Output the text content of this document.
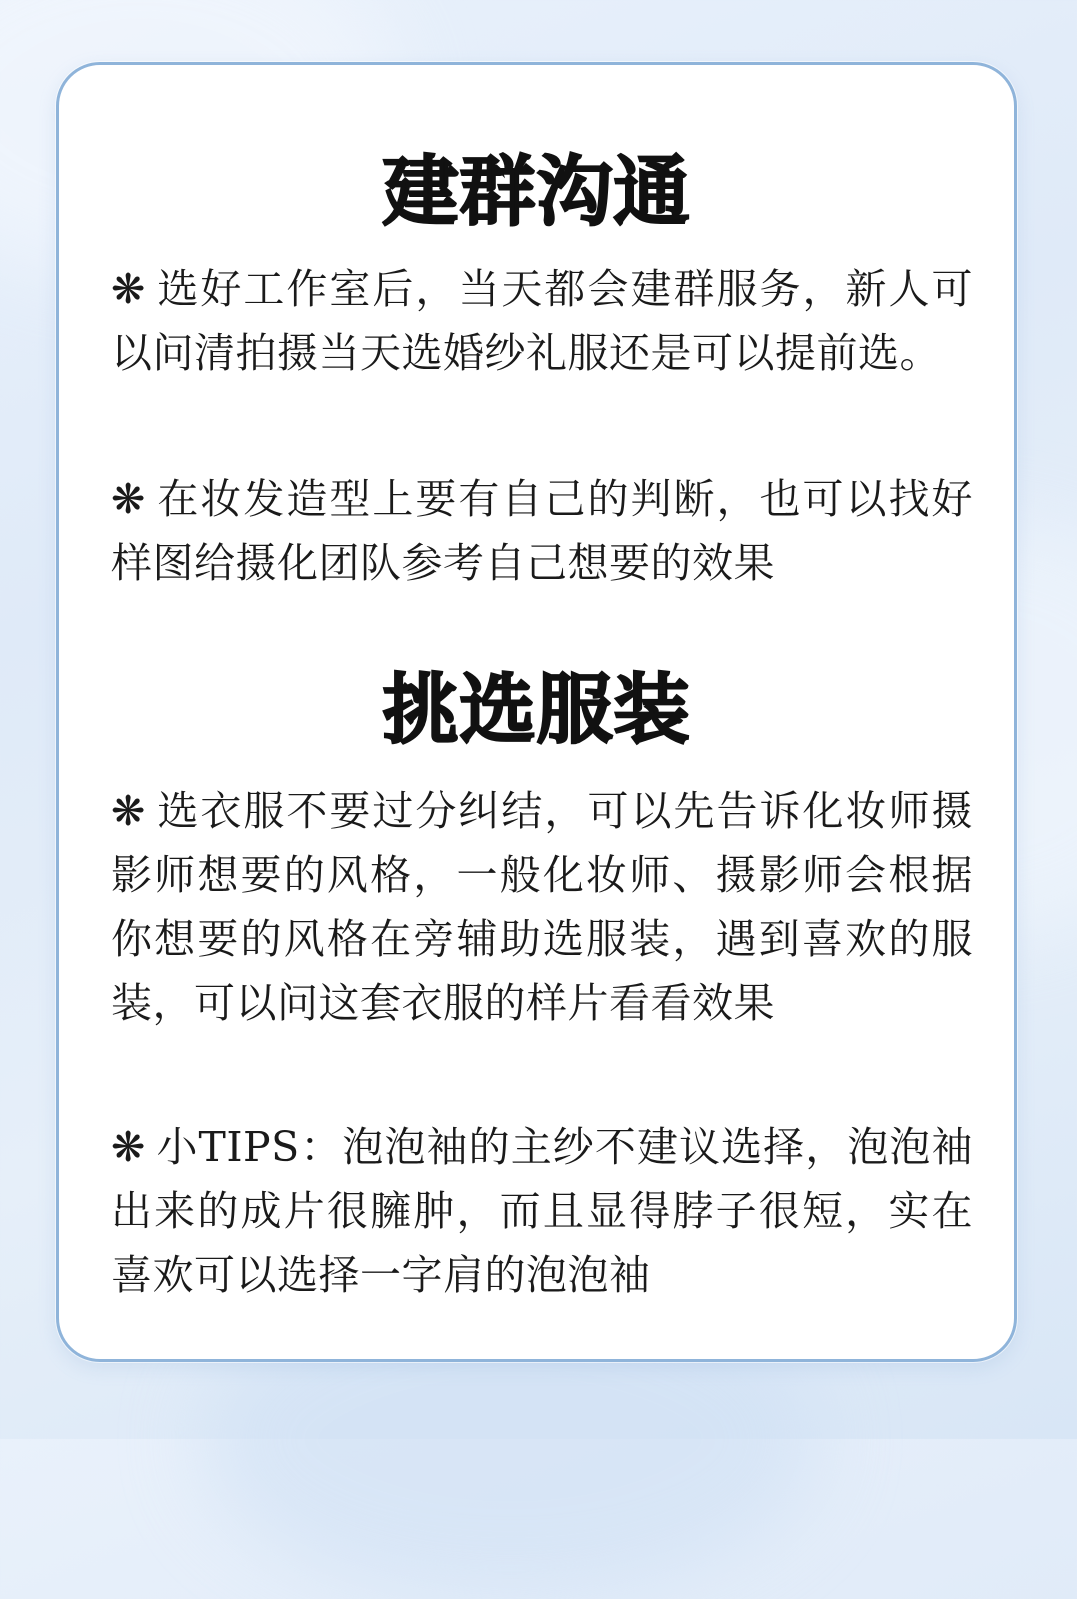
建群沟通

❋ 选好工作室后，当天都会建群服务，新人可以问清拍摄当天选婚纱礼服还是可以提前选。

❋ 在妆发造型上要有自己的判断，也可以找好样图给摄化团队参考自己想要的效果

挑选服装

❋ 选衣服不要过分纠结，可以先告诉化妆师摄影师想要的风格，一般化妆师、摄影师会根据你想要的风格在旁辅助选服装，遇到喜欢的服装，可以问这套衣服的样片看看效果

❋ 小TIPS：泡泡袖的主纱不建议选择，泡泡袖出来的成片很臃肿，而且显得脖子很短，实在喜欢可以选择一字肩的泡泡袖
